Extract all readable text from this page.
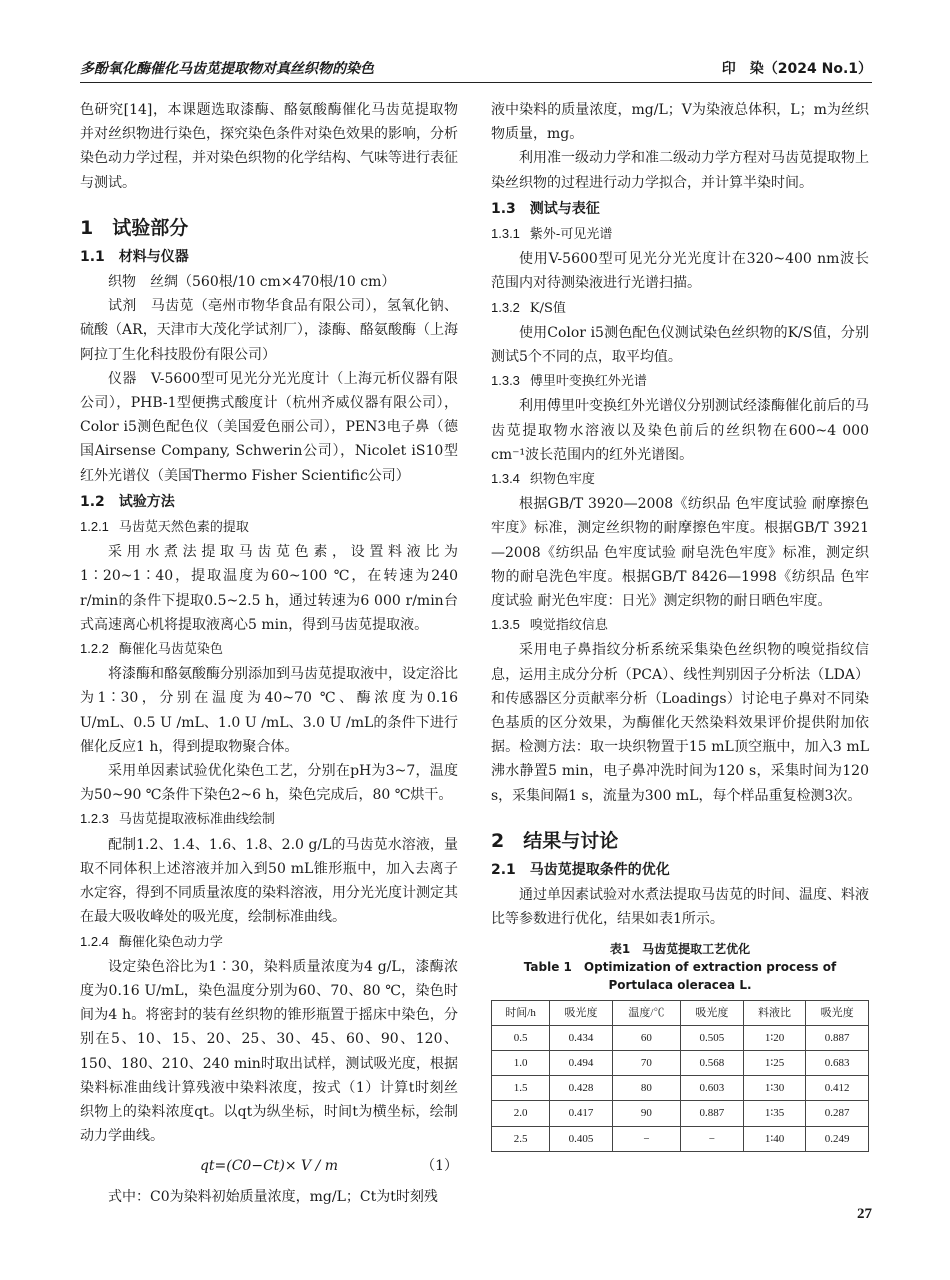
多酚氧化酶催化马齿苋提取物对真丝织物的染色	印　染（2024 No.1）

色研究[14]，本课题选取漆酶、酪氨酸酶催化马齿苋提取物并对丝织物进行染色，探究染色条件对染色效果的影响，分析染色动力学过程，并对染色织物的化学结构、气味等进行表征与测试。

1　试验部分
1.1　材料与仪器

织物　丝绸（560根/10 cm×470根/10 cm）

试剂　马齿苋（亳州市物华食品有限公司），氢氧化钠、硫酸（AR，天津市大茂化学试剂厂），漆酶、酪氨酸酶（上海阿拉丁生化科技股份有限公司）

仪器　V-5600型可见光分光光度计（上海元析仪器有限公司），PHB-1型便携式酸度计（杭州齐威仪器有限公司），Color i5测色配色仪（美国爱色丽公司），PEN3电子鼻（德国Airsense Company, Schwerin公司），Nicolet iS10型红外光谱仪（美国Thermo Fisher Scientific公司）

1.2　试验方法
1.2.1 马齿苋天然色素的提取

采用水煮法提取马齿苋色素，设置料液比为1∶20~1∶40，提取温度为60~100 ℃，在转速为240 r/min的条件下提取0.5~2.5 h，通过转速为6 000 r/min台式高速离心机将提取液离心5 min，得到马齿苋提取液。

1.2.2 酶催化马齿苋染色

将漆酶和酪氨酸酶分别添加到马齿苋提取液中，设定浴比为1∶30，分别在温度为40~70 ℃、酶浓度为0.16 U/mL、0.5 U /mL、1.0 U /mL、3.0 U /mL的条件下进行催化反应1 h，得到提取物聚合体。

采用单因素试验优化染色工艺，分别在pH为3~7，温度为50~90 ℃条件下染色2~6 h，染色完成后，80 ℃烘干。

1.2.3 马齿苋提取液标准曲线绘制

配制1.2、1.4、1.6、1.8、2.0 g/L的马齿苋水溶液，量取不同体积上述溶液并加入到50 mL锥形瓶中，加入去离子水定容，得到不同质量浓度的染料溶液，用分光光度计测定其在最大吸收峰处的吸光度，绘制标准曲线。

1.2.4 酶催化染色动力学

设定染色浴比为1∶30，染料质量浓度为4 g/L，漆酶浓度为0.16 U/mL，染色温度分别为60、70、80 ℃，染色时间为4 h。将密封的装有丝织物的锥形瓶置于摇床中染色，分别在5、10、15、20、25、30、45、60、90、120、150、180、210、240 min时取出试样，测试吸光度，根据染料标准曲线计算残液中染料浓度，按式（1）计算t时刻丝织物上的染料浓度qt。以qt为纵坐标，时间t为横坐标，绘制动力学曲线。

qt=(C0−Ct)× V / m	（1）

式中：C0为染料初始质量浓度，mg/L；Ct为t时刻残

液中染料的质量浓度，mg/L；V为染液总体积，L；m为丝织物质量，mg。

利用准一级动力学和准二级动力学方程对马齿苋提取物上染丝织物的过程进行动力学拟合，并计算半染时间。

1.3　测试与表征
1.3.1 紫外-可见光谱

使用V-5600型可见光分光光度计在320~400 nm波长范围内对待测染液进行光谱扫描。

1.3.2 K/S值

使用Color i5测色配色仪测试染色丝织物的K/S值，分别测试5个不同的点，取平均值。

1.3.3 傅里叶变换红外光谱

利用傅里叶变换红外光谱仪分别测试经漆酶催化前后的马齿苋提取物水溶液以及染色前后的丝织物在600~4 000 cm⁻¹波长范围内的红外光谱图。

1.3.4 织物色牢度

根据GB/T 3920—2008《纺织品 色牢度试验 耐摩擦色牢度》标准，测定丝织物的耐摩擦色牢度。根据GB/T 3921—2008《纺织品 色牢度试验 耐皂洗色牢度》标准，测定织物的耐皂洗色牢度。根据GB/T 8426—1998《纺织品 色牢度试验 耐光色牢度：日光》测定织物的耐日晒色牢度。

1.3.5 嗅觉指纹信息

采用电子鼻指纹分析系统采集染色丝织物的嗅觉指纹信息，运用主成分分析（PCA）、线性判别因子分析法（LDA）和传感器区分贡献率分析（Loadings）讨论电子鼻对不同染色基质的区分效果，为酶催化天然染料效果评价提供附加依据。检测方法：取一块织物置于15 mL顶空瓶中，加入3 mL沸水静置5 min，电子鼻冲洗时间为120 s，采集时间为120 s，采集间隔1 s，流量为300 mL，每个样品重复检测3次。

2　结果与讨论
2.1　马齿苋提取条件的优化

通过单因素试验对水煮法提取马齿苋的时间、温度、料液比等参数进行优化，结果如表1所示。

表1　马齿苋提取工艺优化
Table 1　Optimization of extraction process of Portulaca oleracea L.
时间/h	吸光度	温度/℃	吸光度	料液比	吸光度
0.5	0.434	60	0.505	1∶20	0.887
1.0	0.494	70	0.568	1∶25	0.683
1.5	0.428	80	0.603	1∶30	0.412
2.0	0.417	90	0.887	1∶35	0.287
2.5	0.405	−	−	1∶40	0.249
27
